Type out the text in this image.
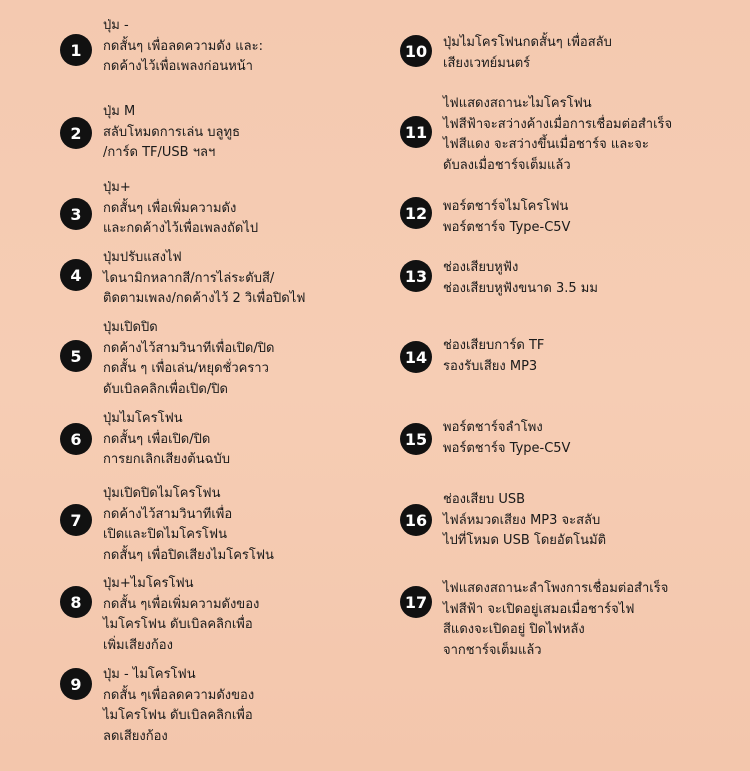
1
ปุ่ม -
กดสั้นๆ เพื่อลดความดัง และ:
กดค้างไว้เพื่อเพลงก่อนหน้า
2
ปุ่ม M
สลับโหมดการเล่น บลูทูธ
/การ์ด TF/USB ฯลฯ
3
ปุ่ม+
กดสั้นๆ เพื่อเพิ่มความดัง
และกดค้างไว้เพื่อเพลงถัดไป
4
ปุ่มปรับแสงไฟ
ไดนามิกหลากสี/การไล่ระดับสี/
ติดตามเพลง/กดค้างไว้ 2 วิเพื่อปิดไฟ
5
ปุ่มเปิดปิด
กดค้างไว้สามวินาทีเพื่อเปิด/ปิด
กดสั้น ๆ เพื่อเล่น/หยุดชั่วคราว
ดับเบิลคลิกเพื่อเปิด/ปิด
6
ปุ่มไมโครโฟน
กดสั้นๆ เพื่อเปิด/ปิด
การยกเลิกเสียงต้นฉบับ
7
ปุ่มเปิดปิดไมโครโฟน
กดค้างไว้สามวินาทีเพื่อ
เปิดและปิดไมโครโฟน
กดสั้นๆ เพื่อปิดเสียงไมโครโฟน
8
ปุ่ม+ไมโครโฟน
กดสั้น ๆเพื่อเพิ่มความดังของ
ไมโครโฟน ดับเบิลคลิกเพื่อ
เพิ่มเสียงก้อง
9	ปุ่ม - ไมโครโฟน
กดสั้น ๆเพื่อลดความดังของ
ไมโครโฟน ดับเบิลคลิกเพื่อ
ลดเสียงก้อง
10	ปุ่มไมโครโฟนกดสั้นๆ เพื่อสลับ
เสียงเวทย์มนตร์
11
ไฟแสดงสถานะไมโครโฟน
ไฟสีฟ้าจะสว่างค้างเมื่อการเชื่อมต่อสำเร็จ
ไฟสีแดง จะสว่างขึ้นเมื่อชาร์จ และจะ
ดับลงเมื่อชาร์จเต็มแล้ว
12	พอร์ตชาร์จไมโครโฟน
พอร์ตชาร์จ Type-C5V
13	ช่องเสียบหูฟัง
ช่องเสียบหูฟังขนาด 3.5 มม
14
ช่องเสียบการ์ด TF
รองรับเสียง MP3
15
พอร์ตชาร์จลำโพง
พอร์ตชาร์จ Type-C5V
16
ช่องเสียบ USB
ไฟล์หมวดเสียง MP3 จะสลับ
ไปที่โหมด USB โดยอัตโนมัติ
17
ไฟแสดงสถานะลำโพงการเชื่อมต่อสำเร็จ
ไฟสีฟ้า จะเปิดอยู่เสมอเมื่อชาร์จไฟ
สีแดงจะเปิดอยู่ ปิดไฟหลัง
จากชาร์จเต็มแล้ว
